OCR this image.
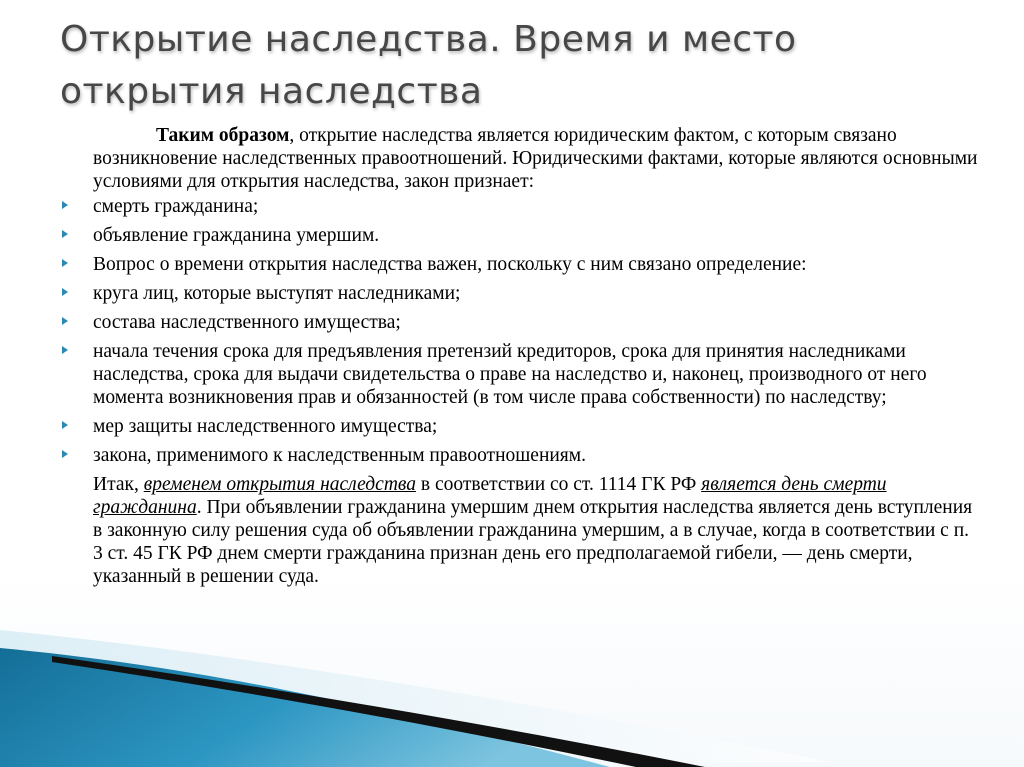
Открытие наследства. Время и место открытия наследства

Таким образом, открытие наследства является юридическим фактом, с которым связано возникновение наследственных правоотношений. Юридическими фактами, которые являются основными условиями для открытия наследства, закон признает:

смерть гражданина;
объявление гражданина умершим.
Вопрос о времени открытия наследства важен, поскольку с ним связано определение:
круга лиц, которые выступят наследниками;
состава наследственного имущества;
начала течения срока для предъявления претензий кредиторов, срока для принятия наследниками наследства, срока для выдачи свидетельства о праве на наследство и, наконец, производного от него момента возникновения прав и обязанностей (в том числе права собственности) по наследству;
мер защиты наследственного имущества;
закона, применимого к наследственным правоотношениям.

Итак, временем открытия наследства в соответствии со ст. 1114 ГК РФ является день смерти гражданина. При объявлении гражданина умершим днем открытия наследства является день вступления в законную силу решения суда об объявлении гражданина умершим, а в случае, когда в соответствии с п. 3 ст. 45 ГК РФ днем смерти гражданина признан день его предполагаемой гибели, — день смерти, указанный в решении суда.
